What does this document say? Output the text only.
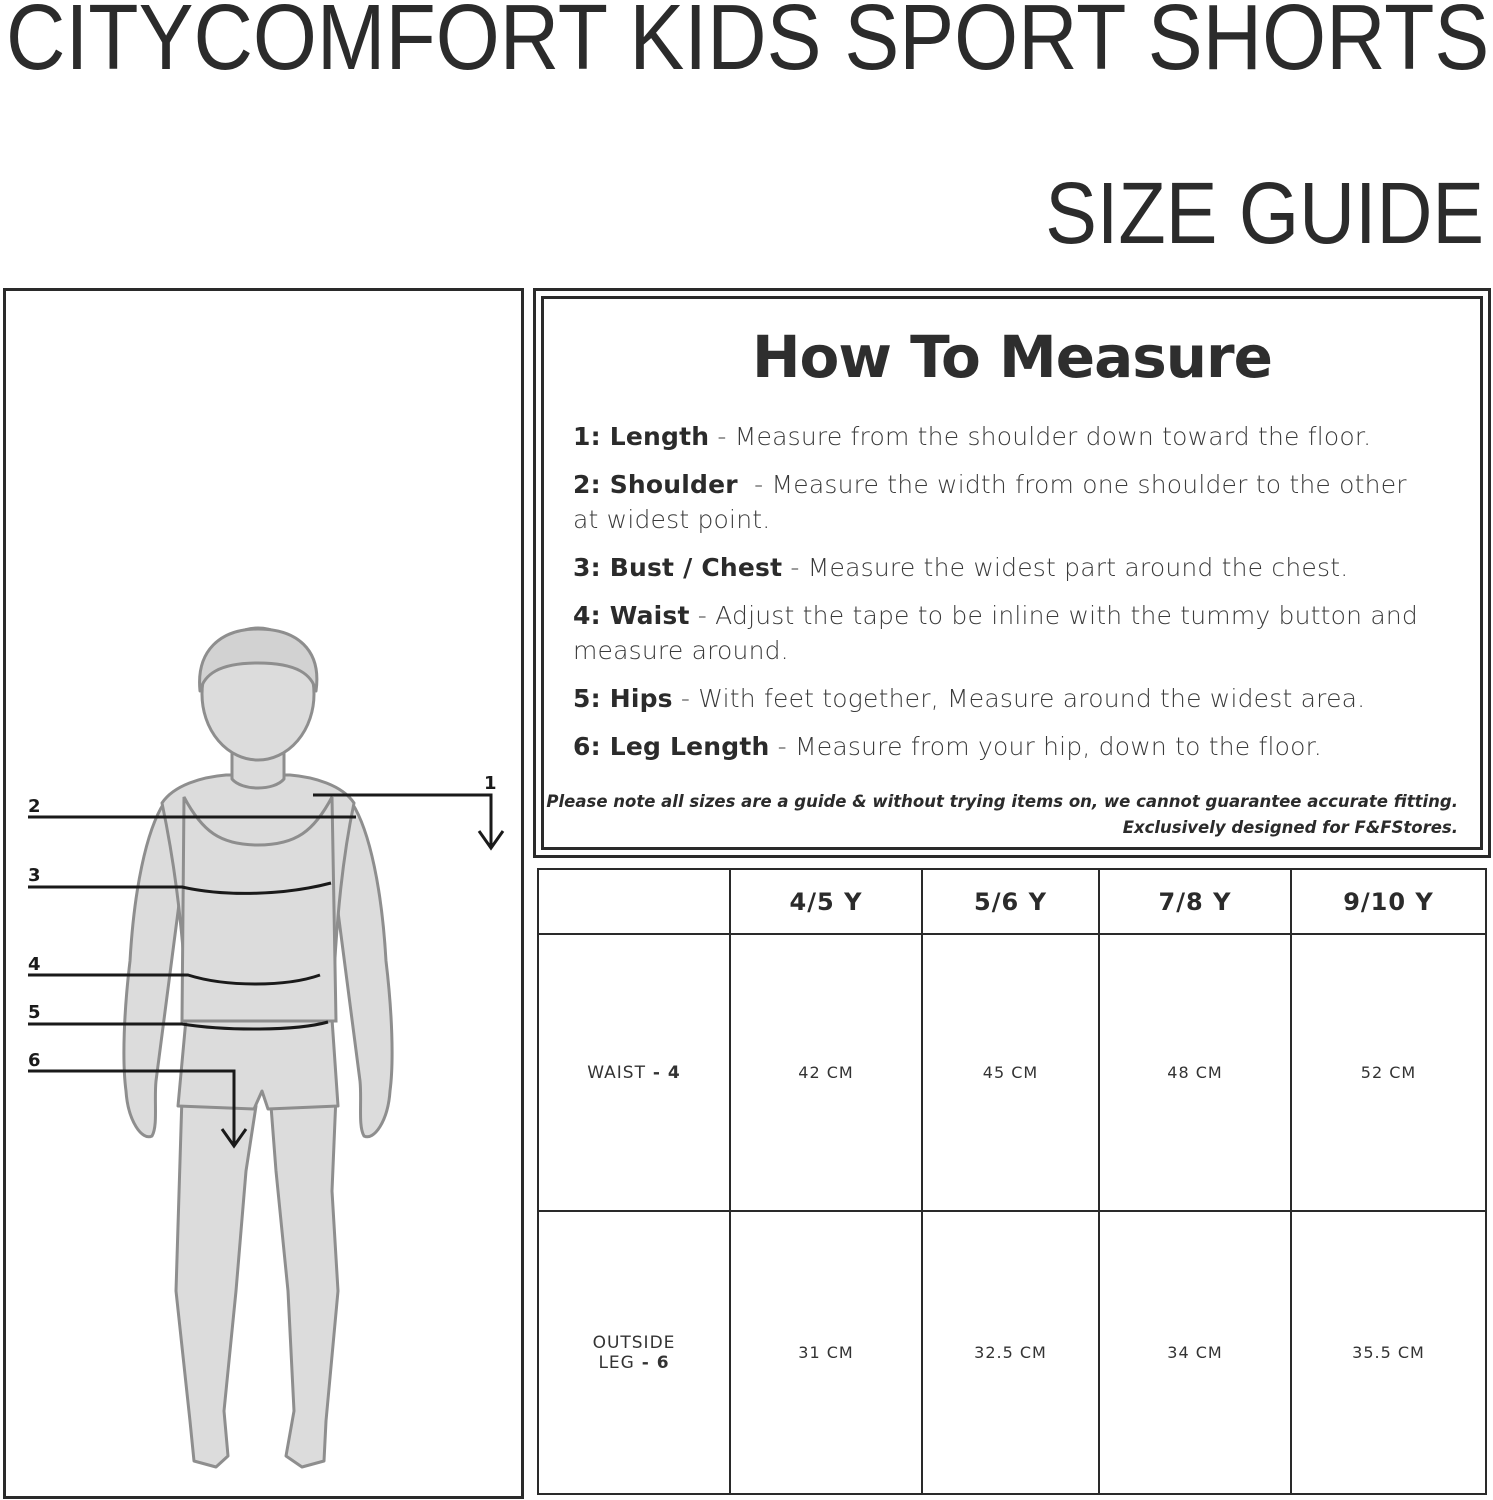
CITYCOMFORT KIDS SPORT SHORTS
SIZE GUIDE
1
2
3
4
5
6
How To Measure
1: Length - Measure from the shoulder down toward the floor.
2: Shoulder  - Measure the width from one shoulder to the other at widest point.
3: Bust / Chest - Measure the widest part around the chest.
4: Waist - Adjust the tape to be inline with the tummy button and measure around.
5: Hips - With feet together, Measure around the widest area.
6: Leg Length - Measure from your hip, down to the floor.

Please note all sizes are a guide & without trying items on, we cannot guarantee accurate fitting.
Exclusively designed for F&FStores.

	4/5 Y	5/6 Y	7/8 Y	9/10 Y
WAIST - 4	42 CM	45 CM	48 CM	52 CM
OUTSIDE
LEG - 6	31 CM	32.5 CM	34 CM	35.5 CM
